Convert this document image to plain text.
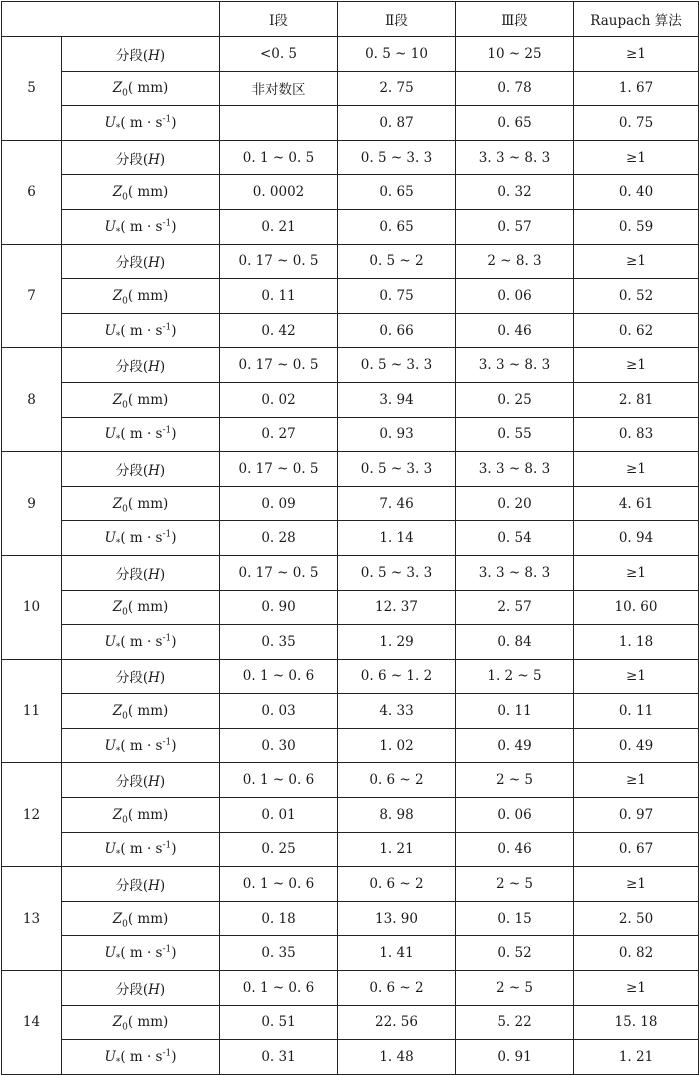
		Ⅰ段	Ⅱ段	Ⅲ段	Raupach 算法
5	分段(H)	<0. 5	0. 5 ~ 10	10 ~ 25	≥1
	$Z_0$( mm)	非对数区	2. 75	0. 78	1. 67
	$U_*$( $m \cdot s^{-1}$)		0. 87	0. 65	0. 75
6	分段(H)	0. 1 ~ 0. 5	0. 5 ~ 3. 3	3. 3 ~ 8. 3	≥1
	$Z_0$( mm)	0. 0002	0. 65	0. 32	0. 40
	$U_*$( $m \cdot s^{-1}$)	0. 21	0. 65	0. 57	0. 59
7	分段(H)	0. 17 ~ 0. 5	0. 5 ~ 2	2 ~ 8. 3	≥1
	$Z_0$( mm)	0. 11	0. 75	0. 06	0. 52
	$U_*$( $m \cdot s^{-1}$)	0. 42	0. 66	0. 46	0. 62
8	分段(H)	0. 17 ~ 0. 5	0. 5 ~ 3. 3	3. 3 ~ 8. 3	≥1
	$Z_0$( mm)	0. 02	3. 94	0. 25	2. 81
	$U_*$( $m \cdot s^{-1}$)	0. 27	0. 93	0. 55	0. 83
9	分段(H)	0. 17 ~ 0. 5	0. 5 ~ 3. 3	3. 3 ~ 8. 3	≥1
	$Z_0$( mm)	0. 09	7. 46	0. 20	4. 61
	$U_*$( $m \cdot s^{-1}$)	0. 28	1. 14	0. 54	0. 94
10	分段(H)	0. 17 ~ 0. 5	0. 5 ~ 3. 3	3. 3 ~ 8. 3	≥1
	$Z_0$( mm)	0. 90	12. 37	2. 57	10. 60
	$U_*$( $m \cdot s^{-1}$)	0. 35	1. 29	0. 84	1. 18
11	分段(H)	0. 1 ~ 0. 6	0. 6 ~ 1. 2	1. 2 ~ 5	≥1
	$Z_0$( mm)	0. 03	4. 33	0. 11	0. 11
	$U_*$( $m \cdot s^{-1}$)	0. 30	1. 02	0. 49	0. 49
12	分段(H)	0. 1 ~ 0. 6	0. 6 ~ 2	2 ~ 5	≥1
	$Z_0$( mm)	0. 01	8. 98	0. 06	0. 97
	$U_*$( $m \cdot s^{-1}$)	0. 25	1. 21	0. 46	0. 67
13	分段(H)	0. 1 ~ 0. 6	0. 6 ~ 2	2 ~ 5	≥1
	$Z_0$( mm)	0. 18	13. 90	0. 15	2. 50
	$U_*$( $m \cdot s^{-1}$)	0. 35	1. 41	0. 52	0. 82
14	分段(H)	0. 1 ~ 0. 6	0. 6 ~ 2	2 ~ 5	≥1
	$Z_0$( mm)	0. 51	22. 56	5. 22	15. 18
	$U_*$( $m \cdot s^{-1}$)	0. 31	1. 48	0. 91	1. 21
